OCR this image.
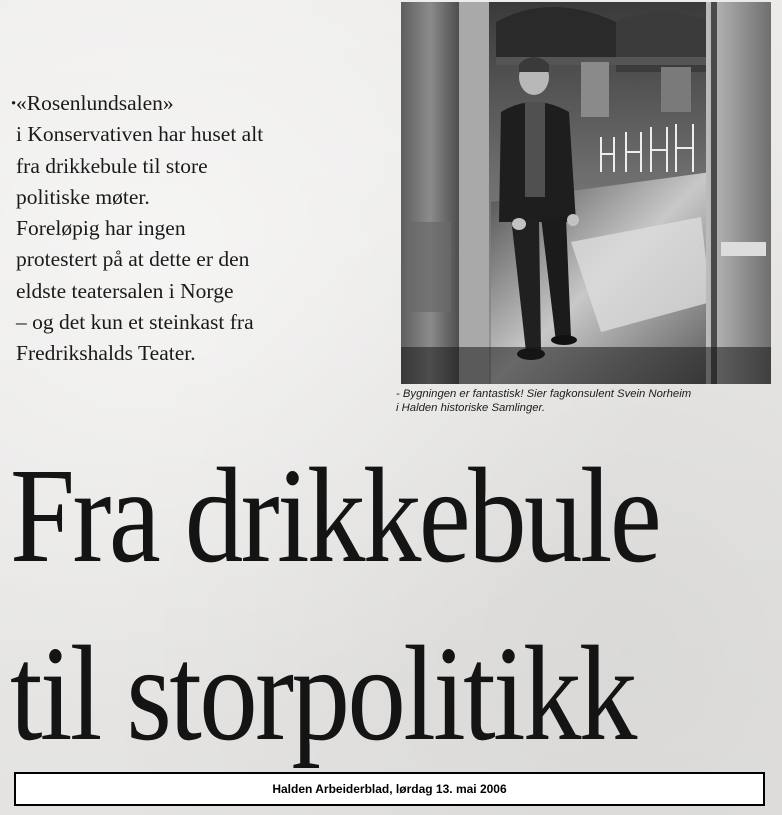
·«Rosenlundsalen»
i Konservativen har huset alt
fra drikkebule til store
politiske møter.
Foreløpig har ingen
protestert på at dette er den
eldste teatersalen i Norge
– og det kun et steinkast fra
Fredrikshalds Teater.
- Bygningen er fantastisk! Sier fagkonsulent Svein Norheim
i Halden historiske Samlinger.
Fra drikkebule
til storpolitikk
Halden Arbeiderblad, lørdag 13. mai 2006
